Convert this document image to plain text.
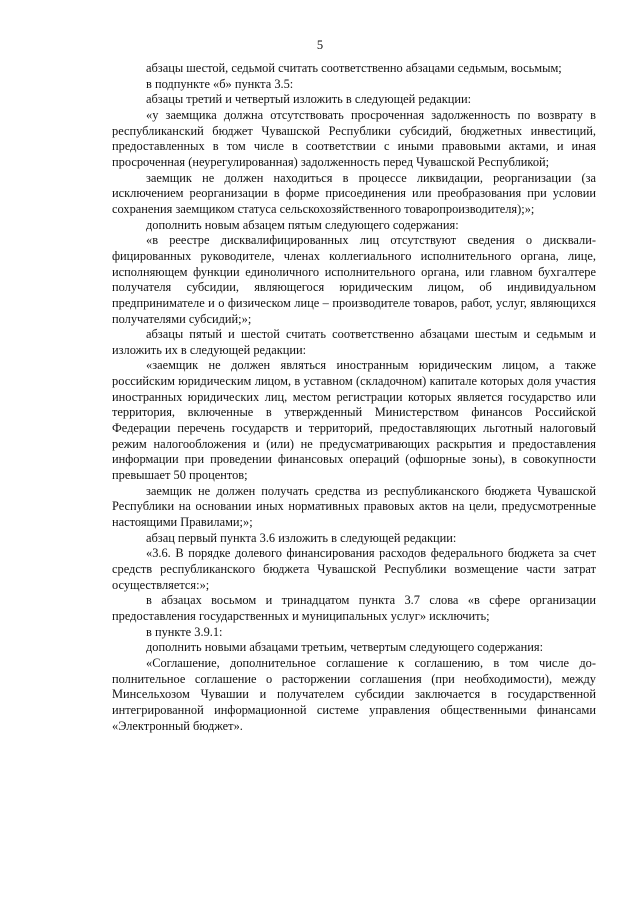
5

абзацы шестой, седьмой считать соответственно абзацами седьмым, восьмым;

в подпункте «б» пункта 3.5:

абзацы третий и четвертый изложить в следующей редакции:

«у заемщика должна отсутствовать просроченная задолженность по возврату в республиканский бюджет Чувашской Республики субсидий, бюджетных инвестиций, предоставленных в том числе в соответствии с иными правовыми актами, и иная просроченная (неурегулированная) задолженность перед Чувашской Республикой;

заемщик не должен находиться в процессе ликвидации, реорганизации (за исключением реорганизации в форме присоединения или преобразования при условии сохранения заемщиком статуса сельскохозяйственного товаропроизводителя);»;

дополнить новым абзацем пятым следующего содержания:

«в реестре дисквалифицированных лиц отсутствуют сведения о дисквалифицированных руководителе, членах коллегиального исполнительного органа, лице, исполняющем функции единоличного исполнительного органа, или главном бухгалтере получателя субсидии, являющегося юридическим лицом, об индивидуальном предпринимателе и о физическом лице – производителе товаров, работ, услуг, являющихся получателями субсидий;»;

абзацы пятый и шестой считать соответственно абзацами шестым и седьмым и изложить их в следующей редакции:

«заемщик не должен являться иностранным юридическим лицом, а также российским юридическим лицом, в уставном (складочном) капитале которых доля участия иностранных юридических лиц, местом регистрации которых является государство или территория, включенные в утвержденный Министерством финансов Российской Федерации перечень государств и территорий, предоставляющих льготный налоговый режим налогообложения и (или) не предусматривающих раскрытия и предоставления информации при проведении финансовых операций (офшорные зоны), в совокупности превышает 50 процентов;

заемщик не должен получать средства из республиканского бюджета Чувашской Республики на основании иных нормативных правовых актов на цели, предусмотренные настоящими Правилами;»;

абзац первый пункта 3.6 изложить в следующей редакции:

«3.6. В порядке долевого финансирования расходов федерального бюджета за счет средств республиканского бюджета Чувашской Республики возмещение части затрат осуществляется:»;

в абзацах восьмом и тринадцатом пункта 3.7 слова «в сфере организации предоставления государственных и муниципальных услуг» исключить;

в пункте 3.9.1:

дополнить новыми абзацами третьим, четвертым следующего содержания:

«Соглашение, дополнительное соглашение к соглашению, в том числе дополнительное соглашение о расторжении соглашения (при необходимости), между Минсельхозом Чувашии и получателем субсидии заключается в государственной интегрированной информационной системе управления общественными финансами «Электронный бюджет».
